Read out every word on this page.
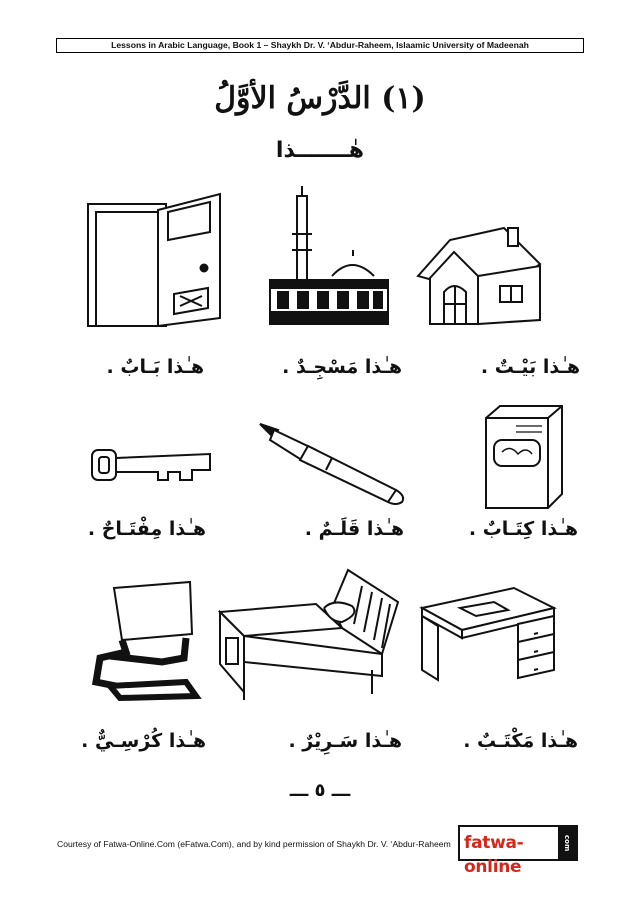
Lessons in Arabic Language, Book 1 – Shaykh Dr. V. ‘Abdur-Raheem, Islaamic University of Madeenah
(١) الدَّرْسُ الأوَّلُ
هٰـــــــذا
هـٰذا بَـابٌ .	هـٰذا مَسْجِـدٌ .	هـٰذا بَيْـتٌ .
هـٰذا مِفْتَـاحٌ .	هـٰذا قَلَـمٌ .	هـٰذا كِتَـابٌ .
هـٰذا كُرْسِـيٌّ .	هـٰذا سَـرِيْرٌ .	هـٰذا مَكْتَـبٌ .
ـــ ٥ ـــ
Courtesy of Fatwa-Online.Com (eFatwa.Com), and by kind permission of Shaykh Dr. V. ‘Abdur-Raheem fatwa-online
com
